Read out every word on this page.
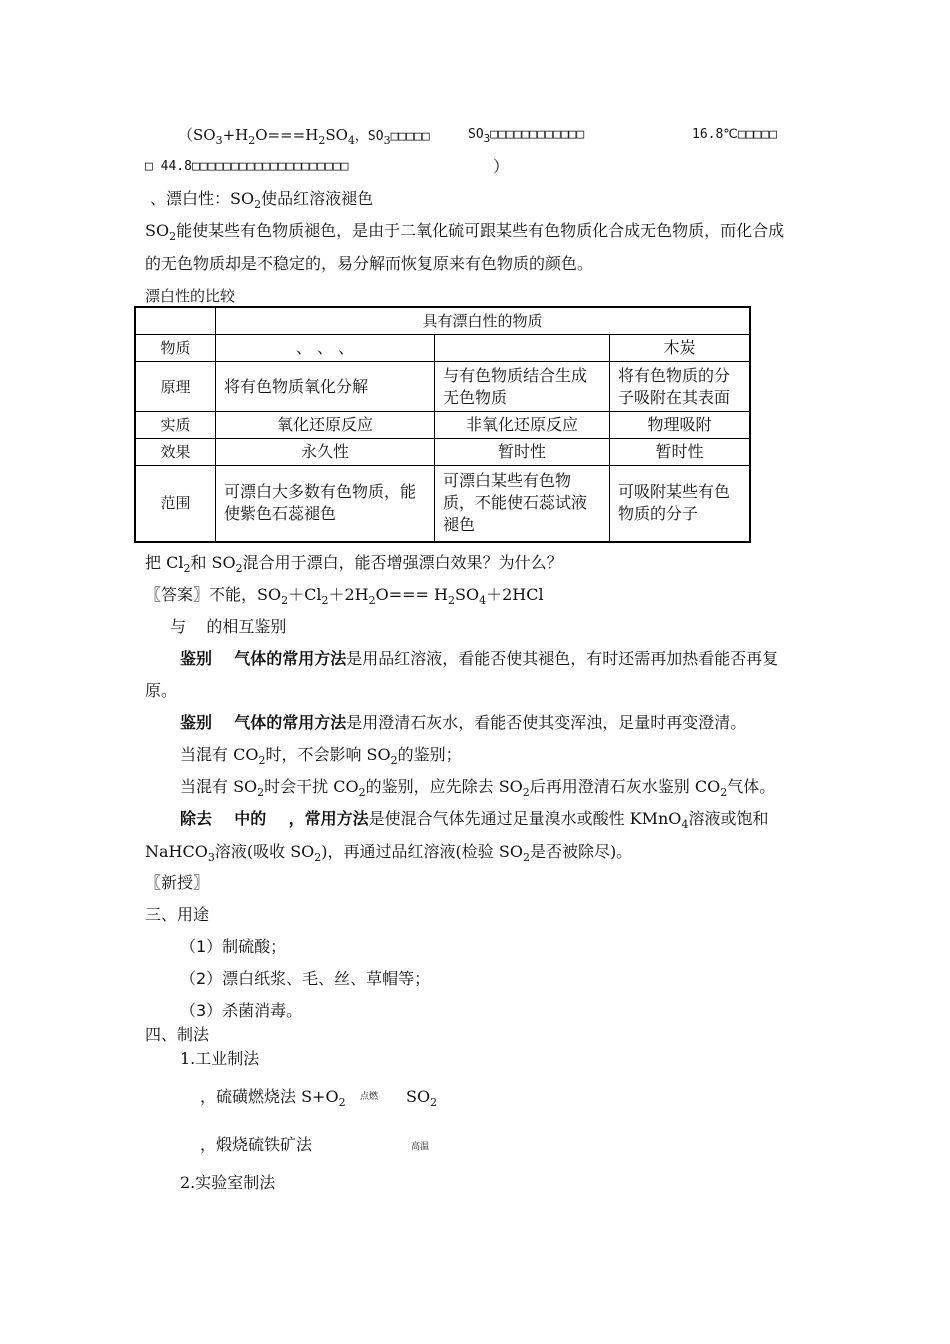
（$SO_3+H_2O===H_2SO_4$，$SO_3□□□□□$	$SO_3□□□□□□□□□□□□$	16.8℃□□□□□
□ 44.8□□□□□□□□□□□□□□□□□□□□	）
、漂白性：$SO_2$使品红溶液褪色
$SO_2$能使某些有色物质褪色，是由于二氧化硫可跟某些有色物质化合成无色物质，而化合成
的无色物质却是不稳定的，易分解而恢复原来有色物质的颜色。
漂白性的比较
	具有漂白性的物质		
物质	、 、 、		木炭
原理	将有色物质氧化分解	与有色物质结合生成无色物质	将有色物质的分子吸附在其表面
实质	氧化还原反应	非氧化还原反应	物理吸附
效果	永久性	暂时性	暂时性
范围	可漂白大多数有色物质，能使紫色石蕊褪色	可漂白某些有色物质，不能使石蕊试液褪色	可吸附某些有色物质的分子
把 $Cl_2$和 $SO_2$混合用于漂白，能否增强漂白效果？为什么？
〖答案〗不能，$SO_2+Cl_2+2H_2O=== H_2SO_4+2HCl$
与    的相互鉴别
鉴别    气体的常用方法是用品红溶液，看能否使其褪色，有时还需再加热看能否再复
原。
鉴别    气体的常用方法是用澄清石灰水，看能否使其变浑浊，足量时再变澄清。
当混有 $CO_2$时，不会影响 $SO_2$的鉴别；
当混有 $SO_2$时会干扰 $CO_2$的鉴别，应先除去 $SO_2$后再用澄清石灰水鉴别 $CO_2$气体。
除去    中的    ，常用方法是使混合气体先通过足量溴水或酸性 KMnO$_4$溶液或饱和
NaHCO$_3$溶液(吸收 $SO_2$)，再通过品红溶液(检验 $SO_2$是否被除尽)。
〖新授〗
三、用途
（1）制硫酸；
（2）漂白纸浆、毛、丝、草帽等；
（3）杀菌消毒。
四、制法
1.工业制法
，硫磺燃烧法 $S+O_2$ 点燃 $SO_2$
，煅烧硫铁矿法	高温
2.实验室制法
